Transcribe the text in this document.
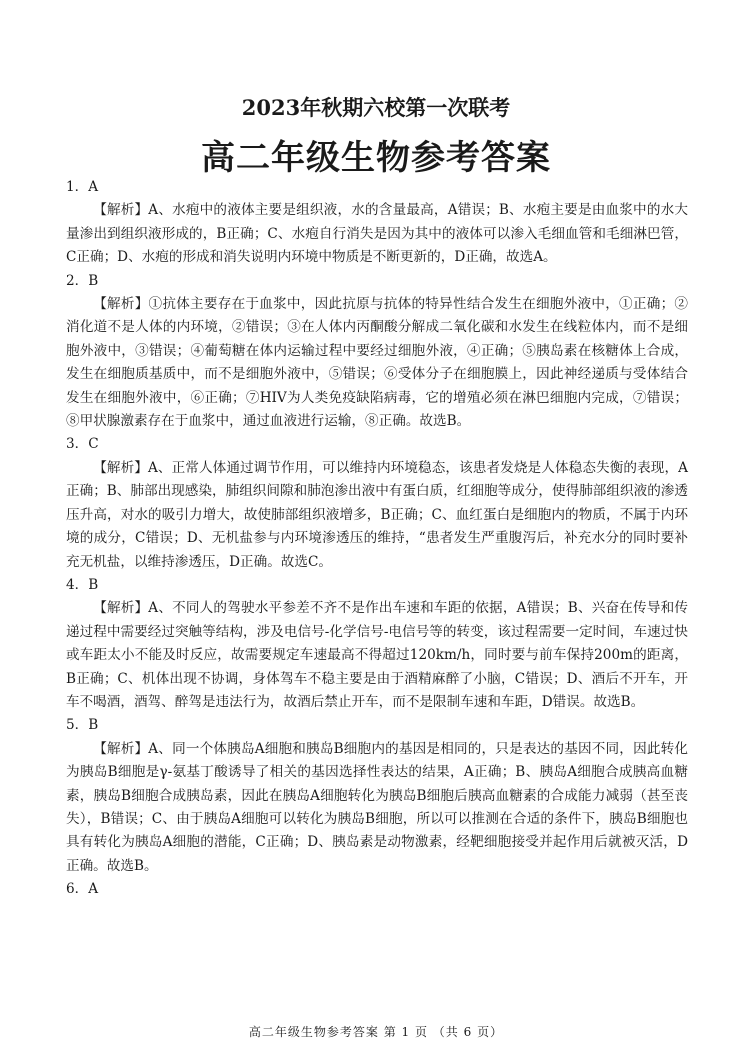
2023年秋期六校第一次联考
高二年级生物参考答案

1．A

【解析】A、水疱中的液体主要是组织液，水的含量最高，A错误；B、水疱主要是由血浆中的水大量渗出到组织液形成的，B正确；C、水疱自行消失是因为其中的液体可以渗入毛细血管和毛细淋巴管，C正确；D、水疱的形成和消失说明内环境中物质是不断更新的，D正确，故选A。

2．B

【解析】①抗体主要存在于血浆中，因此抗原与抗体的特异性结合发生在细胞外液中，①正确；②消化道不是人体的内环境，②错误；③在人体内丙酮酸分解成二氧化碳和水发生在线粒体内，而不是细胞外液中，③错误；④葡萄糖在体内运输过程中要经过细胞外液，④正确；⑤胰岛素在核糖体上合成，发生在细胞质基质中，而不是细胞外液中，⑤错误；⑥受体分子在细胞膜上，因此神经递质与受体结合发生在细胞外液中，⑥正确；⑦HIV为人类免疫缺陷病毒，它的增殖必须在淋巴细胞内完成，⑦错误；⑧甲状腺激素存在于血浆中，通过血液进行运输，⑧正确。故选B。

3．C

【解析】A、正常人体通过调节作用，可以维持内环境稳态，该患者发烧是人体稳态失衡的表现，A正确；B、肺部出现感染，肺组织间隙和肺泡渗出液中有蛋白质，红细胞等成分，使得肺部组织液的渗透压升高，对水的吸引力增大，故使肺部组织液增多，B正确；C、血红蛋白是细胞内的物质，不属于内环境的成分，C错误；D、无机盐参与内环境渗透压的维持，“患者发生严重腹泻后，补充水分的同时要补充无机盐，以维持渗透压，D正确。故选C。

4．B

【解析】A、不同人的驾驶水平参差不齐不是作出车速和车距的依据，A错误；B、兴奋在传导和传递过程中需要经过突触等结构，涉及电信号-化学信号-电信号等的转变，该过程需要一定时间，车速过快或车距太小不能及时反应，故需要规定车速最高不得超过120km/h，同时要与前车保持200m的距离，B正确；C、机体出现不协调，身体驾车不稳主要是由于酒精麻醉了小脑，C错误；D、酒后不开车，开车不喝酒，酒驾、醉驾是违法行为，故酒后禁止开车，而不是限制车速和车距，D错误。故选B。

5．B

【解析】A、同一个体胰岛A细胞和胰岛B细胞内的基因是相同的，只是表达的基因不同，因此转化为胰岛B细胞是γ-氨基丁酸诱导了相关的基因选择性表达的结果，A正确；B、胰岛A细胞合成胰高血糖素，胰岛B细胞合成胰岛素，因此在胰岛A细胞转化为胰岛B细胞后胰高血糖素的合成能力减弱（甚至丧失），B错误；C、由于胰岛A细胞可以转化为胰岛B细胞，所以可以推测在合适的条件下，胰岛B细胞也具有转化为胰岛A细胞的潜能，C正确；D、胰岛素是动物激素，经靶细胞接受并起作用后就被灭活，D正确。故选B。

6．A

高二年级生物参考答案 第 1 页 （共 6 页）
